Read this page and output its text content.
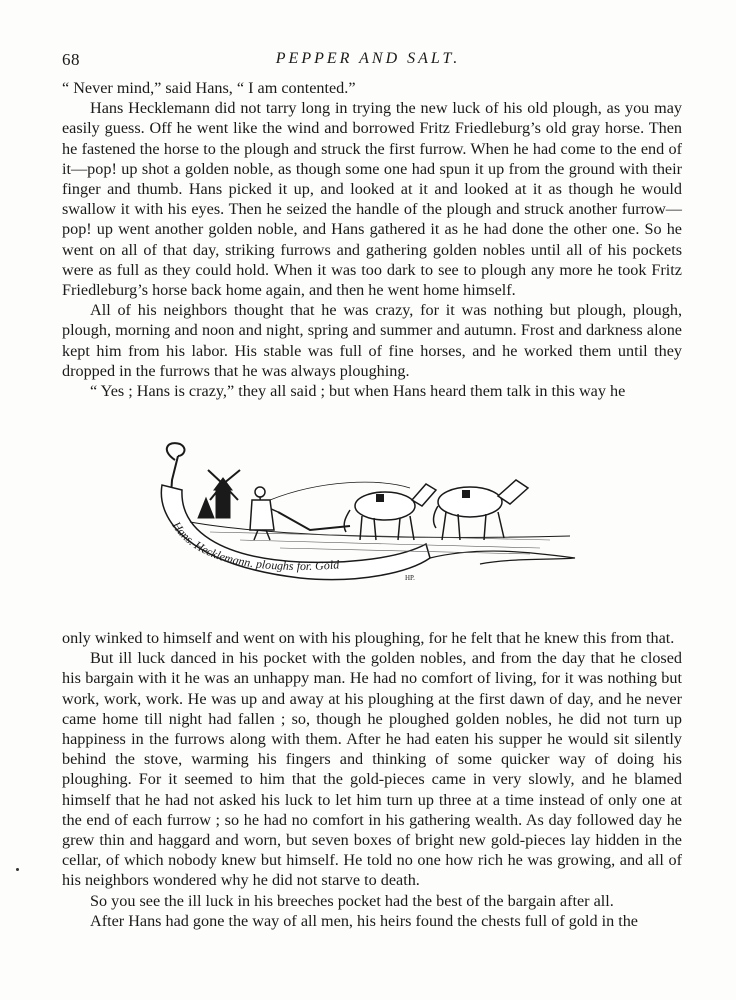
68	PEPPER AND SALT.

“ Never mind,” said Hans, “ I am contented.”

Hans Hecklemann did not tarry long in trying the new luck of his old plough, as you may easily guess. Off he went like the wind and borrowed Fritz Friedleburg’s old gray horse. Then he fastened the horse to the plough and struck the first furrow. When he had come to the end of it—pop! up shot a golden noble, as though some one had spun it up from the ground with their finger and thumb. Hans picked it up, and looked at it and looked at it as though he would swallow it with his eyes. Then he seized the handle of the plough and struck another furrow—pop! up went another golden noble, and Hans gathered it as he had done the other one. So he went on all of that day, striking furrows and gathering golden nobles until all of his pockets were as full as they could hold. When it was too dark to see to plough any more he took Fritz Friedleburg’s horse back home again, and then he went home himself.

All of his neighbors thought that he was crazy, for it was nothing but plough, plough, plough, morning and noon and night, spring and summer and autumn. Frost and darkness alone kept him from his labor. His stable was full of fine horses, and he worked them until they dropped in the furrows that he was always ploughing.

“ Yes ; Hans is crazy,” they all said ; but when Hans heard them talk in this way he

Hans. Hecklemann. ploughs for. Gold
HP.

only winked to himself and went on with his ploughing, for he felt that he knew this from that.

But ill luck danced in his pocket with the golden nobles, and from the day that he closed his bargain with it he was an unhappy man. He had no comfort of living, for it was nothing but work, work, work. He was up and away at his ploughing at the first dawn of day, and he never came home till night had fallen ; so, though he ploughed golden nobles, he did not turn up happiness in the furrows along with them. After he had eaten his supper he would sit silently behind the stove, warming his fingers and thinking of some quicker way of doing his ploughing. For it seemed to him that the gold-pieces came in very slowly, and he blamed himself that he had not asked his luck to let him turn up three at a time instead of only one at the end of each furrow ; so he had no comfort in his gathering wealth. As day followed day he grew thin and haggard and worn, but seven boxes of bright new gold-pieces lay hidden in the cellar, of which nobody knew but himself. He told no one how rich he was growing, and all of his neighbors wondered why he did not starve to death.

So you see the ill luck in his breeches pocket had the best of the bargain after all.

After Hans had gone the way of all men, his heirs found the chests full of gold in the
